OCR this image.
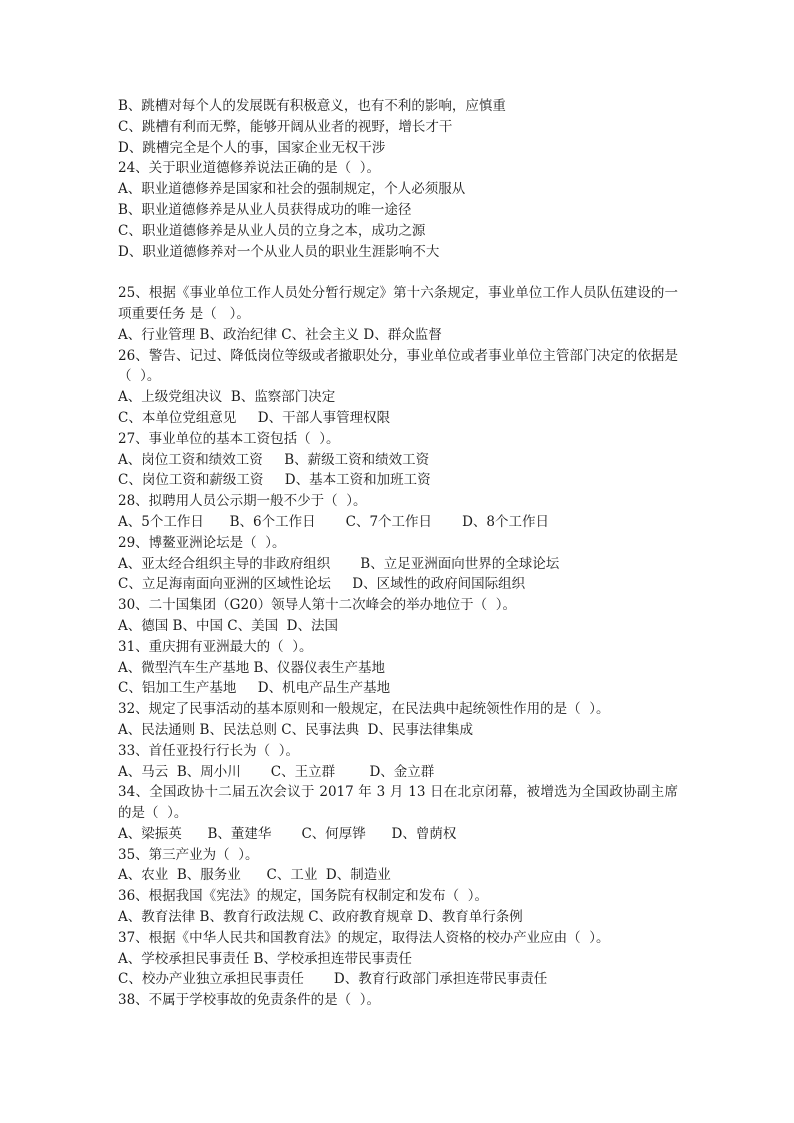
B、跳槽对每个人的发展既有积极意义，也有不利的影响，应慎重
C、跳槽有利而无弊，能够开阔从业者的视野，增长才干
D、跳槽完全是个人的事，国家企业无权干涉
24、关于职业道德修养说法正确的是（  ）。
A、职业道德修养是国家和社会的强制规定，个人必须服从
B、职业道德修养是从业人员获得成功的唯一途径
C、职业道德修养是从业人员的立身之本，成功之源
D、职业道德修养对一个从业人员的职业生涯影响不大
25、根据《事业单位工作人员处分暂行规定》第十六条规定，事业单位工作人员队伍建设的一项重要任务 是（   ）。
A、行业管理 B、政治纪律 C、社会主义 D、群众监督
26、警告、记过、降低岗位等级或者撤职处分，事业单位或者事业单位主管部门决定的依据是（  ）。
A、上级党组决议  B、监察部门决定
C、本单位党组意见     D、干部人事管理权限
27、事业单位的基本工资包括（  ）。
A、岗位工资和绩效工资     B、薪级工资和绩效工资
C、岗位工资和薪级工资     D、基本工资和加班工资
28、拟聘用人员公示期一般不少于（  ）。
A、5个工作日      B、6个工作日       C、7个工作日       D、8个工作日
29、博鳌亚洲论坛是（  ）。
A、亚太经合组织主导的非政府组织       B、立足亚洲面向世界的全球论坛
C、立足海南面向亚洲的区域性论坛     D、区域性的政府间国际组织
30、二十国集团（G20）领导人第十二次峰会的举办地位于（  ）。
A、德国 B、中国 C、美国  D、法国
31、重庆拥有亚洲最大的（  ）。
A、微型汽车生产基地 B、仪器仪表生产基地
C、铝加工生产基地     D、机电产品生产基地
32、规定了民事活动的基本原则和一般规定，在民法典中起统领性作用的是（  ）。
A、民法通则 B、民法总则 C、民事法典  D、民事法律集成
33、首任亚投行行长为（  ）。
A、马云  B、周小川       C、王立群        D、金立群
34、全国政协十二届五次会议于 2017 年 3 月 13 日在北京闭幕，被增选为全国政协副主席的是（  ）。
A、梁振英      B、董建华       C、何厚铧      D、曾荫权
35、第三产业为（  ）。
A、农业  B、服务业      C、工业  D、制造业
36、根据我国《宪法》的规定，国务院有权制定和发布（  ）。
A、教育法律 B、教育行政法规 C、政府教育规章 D、教育单行条例
37、根据《中华人民共和国教育法》的规定，取得法人资格的校办产业应由（  ）。
A、学校承担民事责任 B、学校承担连带民事责任
C、校办产业独立承担民事责任       D、教育行政部门承担连带民事责任
38、不属于学校事故的免责条件的是（  ）。
